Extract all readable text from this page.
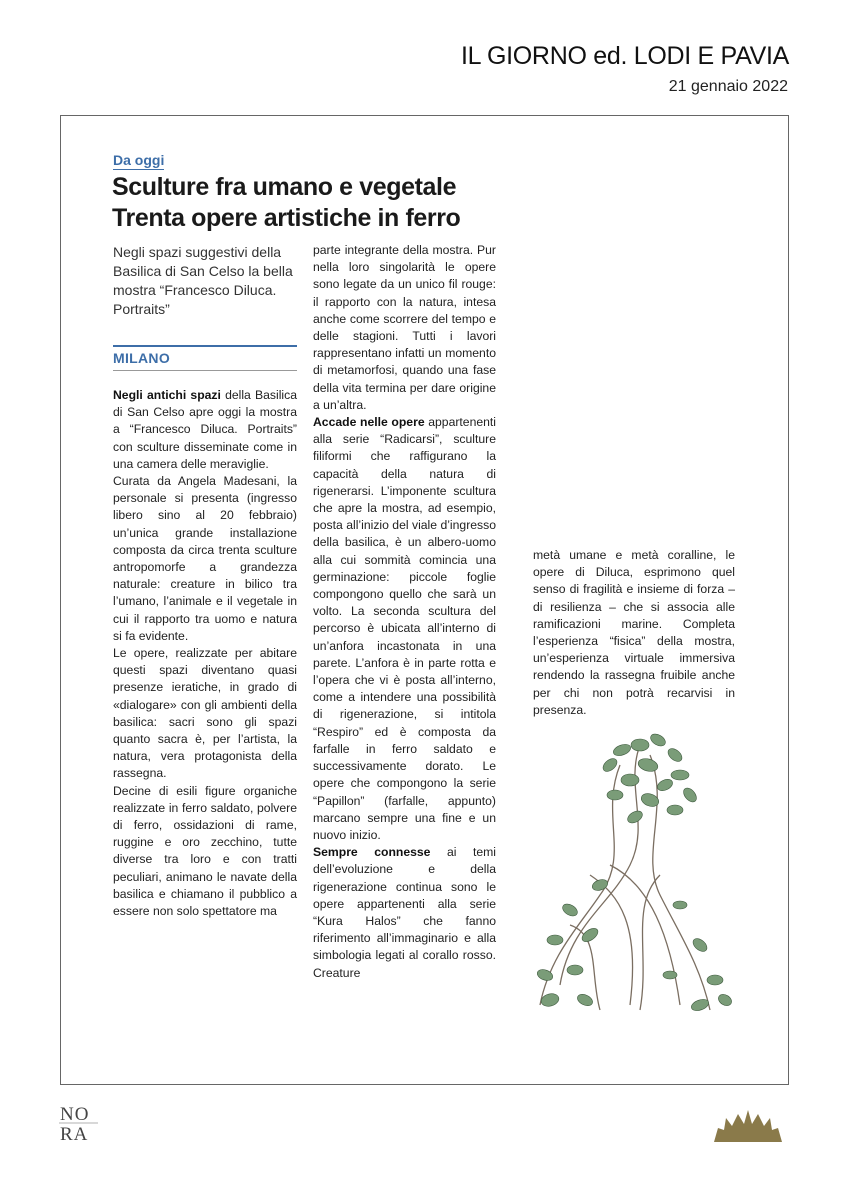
IL GIORNO ed. LODI E PAVIA
21 gennaio 2022
Da oggi
Sculture fra umano e vegetale
Trenta opere artistiche in ferro
Negli spazi suggestivi della Basilica di San Celso la bella mostra “Francesco Diluca. Portraits”
MILANO

Negli antichi spazi della Basilica di San Celso apre oggi la mostra a “Francesco Diluca. Portraits” con sculture disseminate come in una camera delle meraviglie.

Curata da Angela Madesani, la personale si presenta (ingresso libero sino al 20 febbraio) un’unica grande installazione composta da circa trenta sculture antropomorfe a grandezza naturale: creature in bilico tra l’umano, l’animale e il vegetale in cui il rapporto tra uomo e natura si fa evidente.

Le opere, realizzate per abitare questi spazi diventano quasi presenze ieratiche, in grado di «dialogare» con gli ambienti della basilica: sacri sono gli spazi quanto sacra è, per l’artista, la natura, vera protagonista della rassegna.

Decine di esili figure organiche realizzate in ferro saldato, polvere di ferro, ossidazioni di rame, ruggine e oro zecchino, tutte diverse tra loro e con tratti peculiari, animano le navate della basilica e chiamano il pubblico a essere non solo spettatore ma

parte integrante della mostra. Pur nella loro singolarità le opere sono legate da un unico fil rouge: il rapporto con la natura, intesa anche come scorrere del tempo e delle stagioni. Tutti i lavori rappresentano infatti un momento di metamorfosi, quando una fase della vita termina per dare origine a un’altra.

Accade nelle opere appartenenti alla serie “Radicarsi”, sculture filiformi che raffigurano la capacità della natura di rigenerarsi. L’imponente scultura che apre la mostra, ad esempio, posta all’inizio del viale d’ingresso della basilica, è un albero-uomo alla cui sommità comincia una germinazione: piccole foglie compongono quello che sarà un volto. La seconda scultura del percorso è ubicata all’interno di un’anfora incastonata in una parete. L’anfora è in parte rotta e l’opera che vi è posta all’interno, come a intendere una possibilità di rigenerazione, si intitola “Respiro” ed è composta da farfalle in ferro saldato e successivamente dorato. Le opere che compongono la serie “Papillon” (farfalle, appunto) marcano sempre una fine e un nuovo inizio.

Sempre connesse ai temi dell’evoluzione e della rigenerazione continua sono le opere appartenenti alla serie “Kura Halos” che fanno riferimento all’immaginario e alla simbologia legati al corallo rosso. Creature

metà umane e metà coralline, le opere di Diluca, esprimono quel senso di fragilità e insieme di forza – di resilienza – che si associa alle ramificazioni marine. Completa l’esperienza “fisica” della mostra, un’esperienza virtuale immersiva rendendo la rassegna fruibile anche per chi non potrà recarvisi in presenza.

NO
RA
